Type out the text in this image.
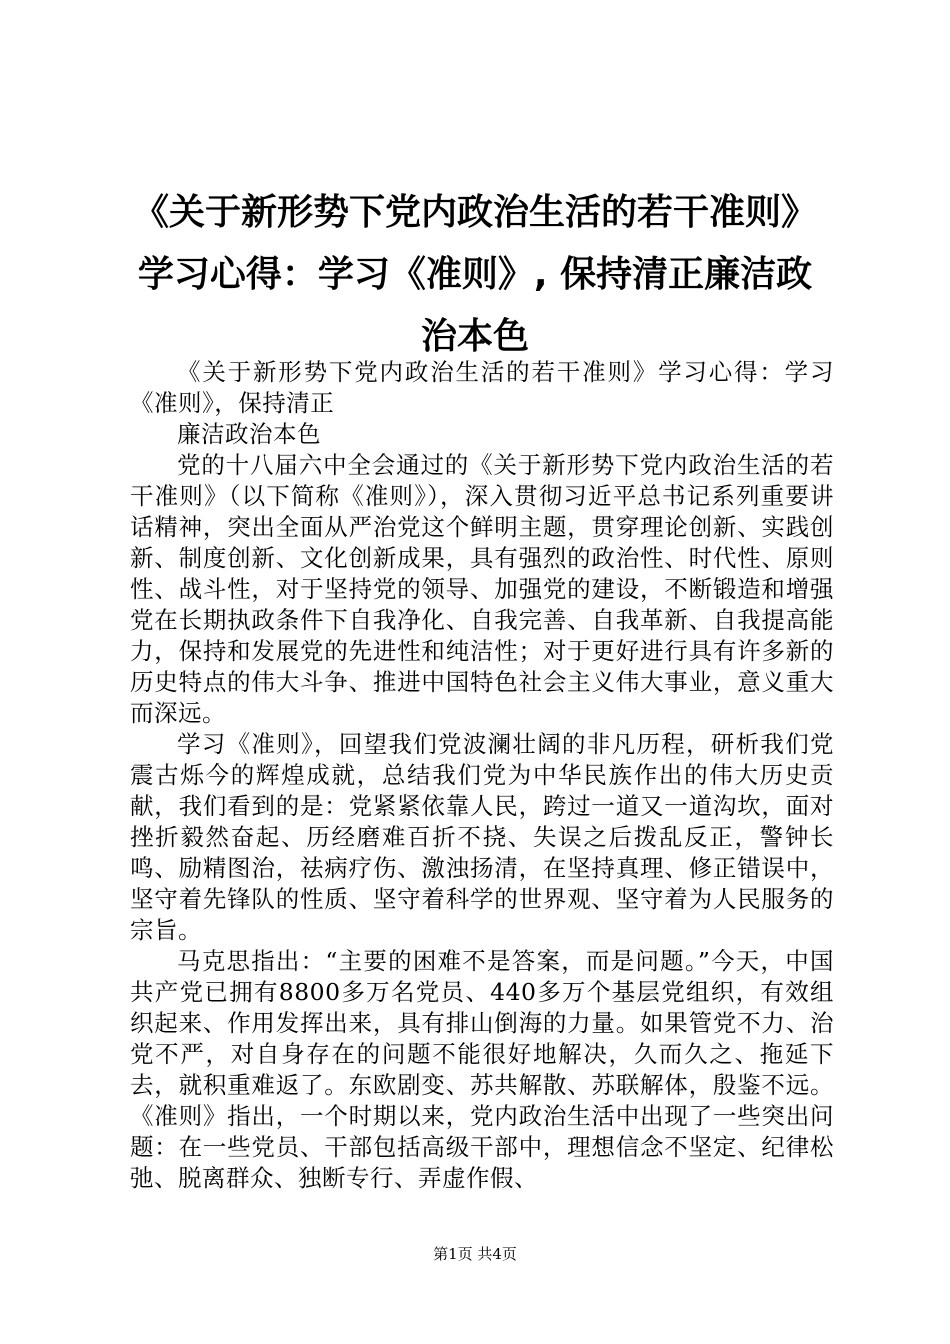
《关于新形势下党内政治生活的若干准则》学习心得：学习《准则》, 保持清正廉洁政治本色

《关于新形势下党内政治生活的若干准则》学习心得：学习《准则》，保持清正

廉洁政治本色

党的十八届六中全会通过的《关于新形势下党内政治生活的若干准则》（以下简称《准则》），深入贯彻习近平总书记系列重要讲话精神，突出全面从严治党这个鲜明主题，贯穿理论创新、实践创新、制度创新、文化创新成果，具有强烈的政治性、时代性、原则性、战斗性，对于坚持党的领导、加强党的建设，不断锻造和增强党在长期执政条件下自我净化、自我完善、自我革新、自我提高能力，保持和发展党的先进性和纯洁性；对于更好进行具有许多新的历史特点的伟大斗争、推进中国特色社会主义伟大事业，意义重大而深远。

学习《准则》，回望我们党波澜壮阔的非凡历程，研析我们党震古烁今的辉煌成就，总结我们党为中华民族作出的伟大历史贡献，我们看到的是：党紧紧依靠人民，跨过一道又一道沟坎，面对挫折毅然奋起、历经磨难百折不挠、失误之后拨乱反正，警钟长鸣、励精图治，祛病疗伤、激浊扬清，在坚持真理、修正错误中，坚守着先锋队的性质、坚守着科学的世界观、坚守着为人民服务的宗旨。

马克思指出：“主要的困难不是答案，而是问题。”今天，中国共产党已拥有8800多万名党员、440多万个基层党组织，有效组织起来、作用发挥出来，具有排山倒海的力量。如果管党不力、治党不严，对自身存在的问题不能很好地解决，久而久之、拖延下去，就积重难返了。东欧剧变、苏共解散、苏联解体，殷鉴不远。《准则》指出，一个时期以来，党内政治生活中出现了一些突出问题：在一些党员、干部包括高级干部中，理想信念不坚定、纪律松弛、脱离群众、独断专行、弄虚作假、

第1页 共4页
